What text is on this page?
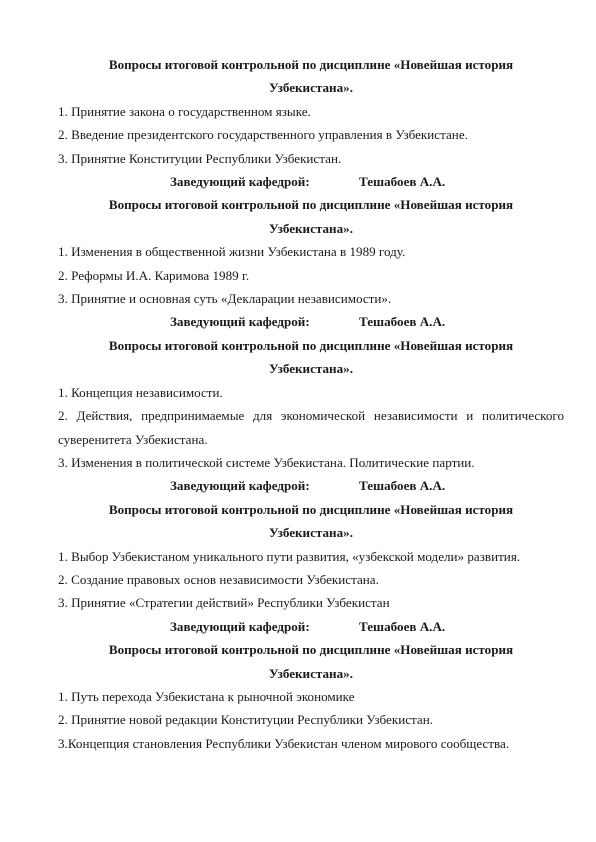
Вопросы итоговой контрольной по дисциплине «Новейшая история
Узбекистана».
1. Принятие закона о государственном языке.
2. Введение президентского государственного управления в Узбекистане.
3. Принятие Конституции Республики Узбекистан.
Заведующий кафедрой:	Тешабоев А.А.
Вопросы итоговой контрольной по дисциплине «Новейшая история
Узбекистана».
1. Изменения в общественной жизни Узбекистана в 1989 году.
2. Реформы И.А. Каримова 1989 г.
3. Принятие и основная суть «Декларации независимости».
Заведующий кафедрой:	Тешабоев А.А.
Вопросы итоговой контрольной по дисциплине «Новейшая история
Узбекистана».
1. Концепция независимости.
2. Действия, предпринимаемые для экономической независимости и политического суверенитета Узбекистана.
3. Изменения в политической системе Узбекистана. Политические партии.
Заведующий кафедрой:	Тешабоев А.А.
Вопросы итоговой контрольной по дисциплине «Новейшая история
Узбекистана».
1. Выбор Узбекистаном уникального пути развития, «узбекской модели» развития.
2. Создание правовых основ независимости Узбекистана.
3. Принятие «Стратегии действий» Республики Узбекистан
Заведующий кафедрой:	Тешабоев А.А.
Вопросы итоговой контрольной по дисциплине «Новейшая история
Узбекистана».
1. Путь перехода Узбекистана к рыночной экономике
2. Принятие новой редакции Конституции Республики Узбекистан.
3.Концепция становления Республики Узбекистан членом мирового сообщества.
